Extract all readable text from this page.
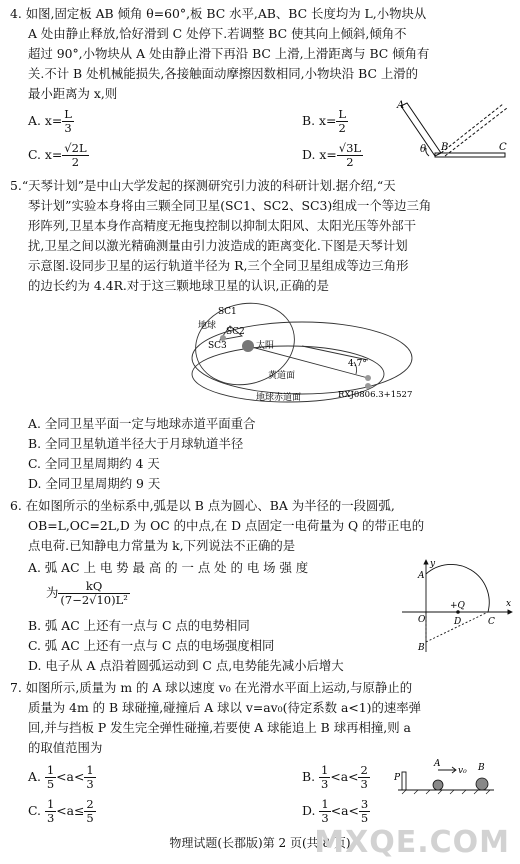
4. 如图,固定板 AB 倾角 θ=60°,板 BC 水平,AB、BC 长度均为 L,小物块从
A 处由静止释放,恰好滑到 C 处停下.若调整 BC 使其向上倾斜,倾角不
超过 90°,小物块从 A 处由静止滑下再沿 BC 上滑,上滑距离与 BC 倾角有
关.不计 B 处机械能损失,各接触面动摩擦因数相同,小物块沿 BC 上滑的
最小距离为 x,则
A. $x= \frac{L}{3}$	B. $x= \frac{L}{2}$
C. $x= \frac{√2L}{2}$	D. $x= \frac{√3L}{2}$
A
B	C
θ
5.“天琴计划”是中山大学发起的探测研究引力波的科研计划.据介绍,“天
琴计划”实验本身将由三颗全同卫星(SC1、SC2、SC3)组成一个等边三角
形阵列,卫星本身作高精度无拖曳控制以抑制太阳风、太阳光压等外部干
扰,卫星之间以激光精确测量由引力波造成的距离变化.下图是天琴计划
示意图.设同步卫星的运行轨道半径为 R,三个全同卫星组成等边三角形
的边长约为 4.4R.对于这三颗地球卫星的认识,正确的是
SC1
SC2
SC3
地球
太阳
4.7°
黄道面
地球赤道面	RXJ0806.3+1527
A. 全同卫星平面一定与地球赤道平面重合
B. 全同卫星轨道半径大于月球轨道半径
C. 全同卫星周期约 4 天
D. 全同卫星周期约 9 天
6. 在如图所示的坐标系中,弧是以 B 点为圆心、BA 为半径的一段圆弧,
OB=L,OC=2L,D 为 OC 的中点,在 D 点固定一电荷量为 Q 的带正电的
点电荷.已知静电力常量为 k,下列说法不正确的是
A. 弧 AC 上 电 势 最 高 的 一 点 处 的 电 场 强 度
为 $\frac{kQ}{\text{(7−2√10)L²}}$
B. 弧 AC 上还有一点与 C 点的电势相同
C. 弧 AC 上还有一点与 C 点的电场强度相同
D. 电子从 A 点沿着圆弧运动到 C 点,电势能先减小后增大
y
x
A
O
+Q
D	C
B
7. 如图所示,质量为 m 的 A 球以速度 v₀ 在光滑水平面上运动,与原静止的
质量为 4m 的 B 球碰撞,碰撞后 A 球以 v=av₀(待定系数 a<1)的速率弹
回,并与挡板 P 发生完全弹性碰撞,若要使 A 球能追上 B 球再相撞,则 a
的取值范围为
A. $\frac{1}{5} <a< \frac{1}{3}$	B. $\frac{1}{3} <a< \frac{2}{3}$
C. $\frac{1}{3} <a\le \frac{2}{5}$	D. $\frac{1}{3} <a< \frac{3}{5}$
P
A
v₀ B
物理试题(长郡版)第 2 页(共 8 页)
MXQE.COM
